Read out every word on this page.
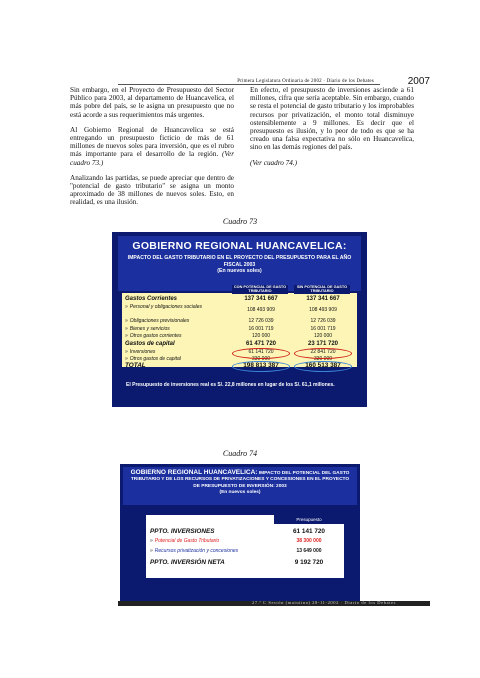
Primera Legislatura Ordinaria de 2002 · Diario de los Debates	2007

Sin embargo, en el Proyecto de Presupuesto del Sector Público para 2003, al departamento de Huancavelica, el más pobre del país, se le asigna un presupuesto que no está acorde a sus requerimientos más urgentes.

Al Gobierno Regional de Huancavelica se está entregando un presupuesto ficticio de más de 61 millones de nuevos soles para inversión, que es el rubro más importante para el desarrollo de la región. (Ver cuadro 73.)

Analizando las partidas, se puede apreciar que dentro de "potencial de gasto tributario" se asigna un monto aproximado de 38 millones de nuevos soles. Esto, en realidad, es una ilusión.

En efecto, el presupuesto de inversiones asciende a 61 millones, cifra que sería aceptable. Sin embargo, cuando se resta el potencial de gasto tributario y los improbables recursos por privatización, el monto total disminuye ostensiblemente a 9 millones. Es decir que el presupuesto es ilusión, y lo peor de todo es que se ha creado una falsa expectativa no sólo en Huancavelica, sino en las demás regiones del país.

(Ver cuadro 74.)

Cuadro 73
GOBIERNO REGIONAL HUANCAVELICA:
IMPACTO DEL GASTO TRIBUTARIO EN EL PROYECTO DEL PRESUPUESTO PARA EL AÑO FISCAL 2003
(En nuevos soles)
CON POTENCIAL DE GASTO TRIBUTARIO
SIN POTENCIAL DE GASTO TRIBUTARIO
Gastos Corrientes	137 341 667	137 341 667
» Personal y obligaciones sociales	108 493 909	108 493 909
» Obligaciones previsionales	12 726 039	12 726 039
» Bienes y servicios	16 001 719	16 001 719
» Otros gastos corrientes	120 000	120 000
Gastos de capital	61 471 720	23 171 720
» Inversiones	61 141 720	22 841 720
» Otros gastos de capital	330 000	330 000
TOTAL	198 813 387	160 513 387
El Presupuesto de inversiones real es S/. 22,8 millones en lugar de los S/. 61,1 millones.
Cuadro 74
GOBIERNO REGIONAL HUANCAVELICA: IMPACTO DEL POTENCIAL DEL GASTO TRIBUTARIO Y DE LOS RECURSOS DE PRIVATIZACIONES Y CONCESIONES EN EL PROYECTO DE PRESUPUESTO DE INVERSIÓN: 2003
(En nuevos soles)
Presupuesto
PPTO. INVERSIONES	61 141 720
» Potencial de Gasto Tributario	38 300 000
» Recursos privatización y concesiones	13 649 000
PPTO. INVERSIÓN NETA	9 192 720
27.ª C Sesión (matutina) 28-11-2002 · Diario de los Debates
